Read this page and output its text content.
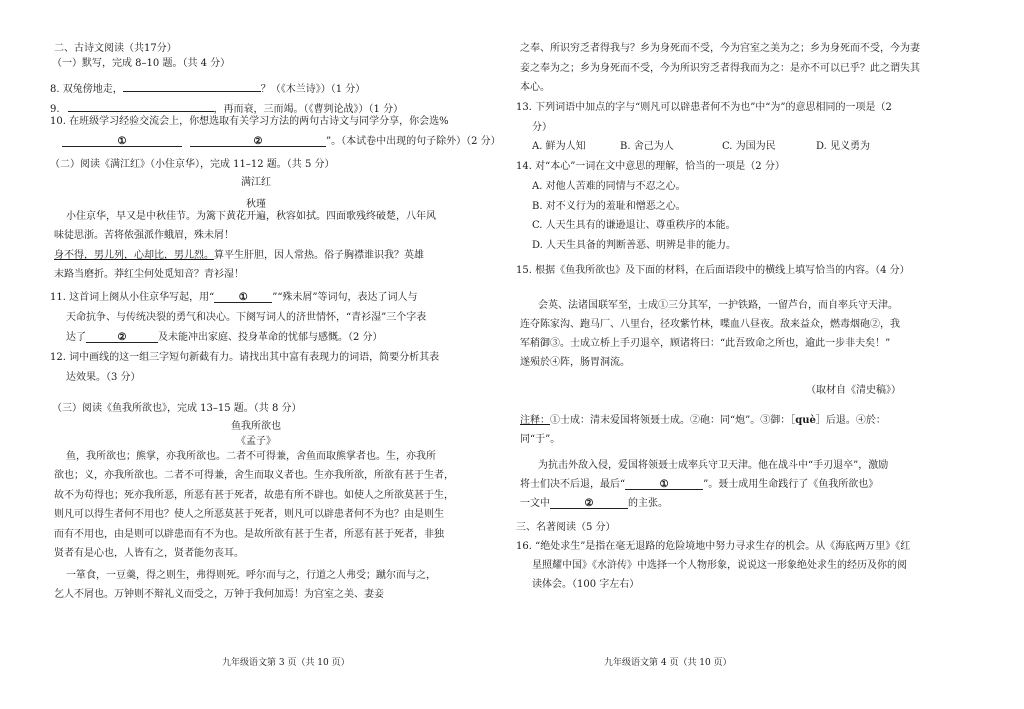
二、古诗文阅读（共17分）
（一）默写，完成 8–10 题。（共 4 分）
8. 双兔傍地走，	？（《木兰诗》）（1 分）
9.	，再而衰，三而竭。（《曹刿论战》）（1 分）
10. 在班级学习经验交流会上，你想选取有关学习方法的两句古诗文与同学分享，你会选%
①	②	”。（本试卷中出现的句子除外）（2 分）
（二）阅读《满江红》（小住京华），完成 11–12 题。（共 5 分）
满江红
秋瑾
小住京华，早又是中秋佳节。为篱下黄花开遍，秋容如拭。四面歌残终破楚，八年风
味徒思浙。苦将侬强派作蛾眉，殊未屑！
身不得，男儿列，心却比，男儿烈。算平生肝胆，因人常热。俗子胸襟谁识我？英雄
末路当磨折。莽红尘何处觅知音？青衫湿！
11. 这首词上阕从小住京华写起，用“ ① ”“殊未屑”等词句，表达了词人与
天命抗争、与传统决裂的勇气和决心。下阕写词人的济世情怀，“青衫湿”三个字表
达了	②	及未能冲出家庭、投身革命的忧郁与感慨。（2 分）
12. 词中画线的这一组三字短句新截有力。请找出其中富有表现力的词语，简要分析其表
达效果。（3 分）
（三）阅读《鱼我所欲也》，完成 13–15 题。（共 8 分）
鱼我所欲也
《孟子》
鱼，我所欲也；熊掌，亦我所欲也。二者不可得兼，舍鱼而取熊掌者也。生，亦我所
欲也；义，亦我所欲也。二者不可得兼，舍生而取义者也。生亦我所欲，所欲有甚于生者，
故不为苟得也；死亦我所恶，所恶有甚于死者，故患有所不辟也。如使人之所欲莫甚于生，
则凡可以得生者何不用也？使人之所恶莫甚于死者，则凡可以辟患者何不为也？由是则生
而有不用也，由是则可以辟患而有不为也。是故所欲有甚于生者，所恶有甚于死者，非独
贤者有是心也，人皆有之，贤者能勿丧耳。
一箪食，一豆羹，得之则生，弗得则死。呼尔而与之，行道之人弗受；蹴尔而与之，
乞人不屑也。万钟则不辩礼义而受之，万钟于我何加焉！为宫室之美、妻妾
九年级语文第 3 页（共 10 页）
之奉、所识穷乏者得我与？乡为身死而不受，今为宫室之美为之；乡为身死而不受，今为妻
妾之奉为之；乡为身死而不受，今为所识穷乏者得我而为之：是亦不可以已乎？此之谓失其
本心。
13. 下列词语中加点的字与“则凡可以辟患者何不为也”中“为”的意思相同的一项是（2
分）
A. 鲜为人知	B. 舍己为人	C. 为国为民	D. 见义勇为
14. 对“本心”一词在文中意思的理解，恰当的一项是（2 分）
A. 对他人苦难的同情与不忍之心。
B. 对不义行为的羞耻和憎恶之心。
C. 人天生具有的谦逊退让、尊重秩序的本能。
D. 人天生具备的判断善恶、明辨是非的能力。
15. 根据《鱼我所欲也》及下面的材料，在后面语段中的横线上填写恰当的内容。（4 分）
会英、法诸国联军至，士成①三分其军，一护铁路，一留芦台，而自率兵守天津。
连夺陈家沟、跑马厂、八里台，径攻紫竹林，喋血八昼夜。敌来益众，燃毒烟砲②，我
军稍御③。士成立桥上手刃退卒，顾诸将曰：“此吾致命之所也，逾此一步非夫矣！”
遂殒於④阵，肠胃洞流。
（取材自《清史稿》）
注释：①士成：清末爱国将领聂士成。②砲：同“炮”。③御：［què］后退。④於：
同“于”。
为抗击外敌入侵，爱国将领聂士成率兵守卫天津。他在战斗中“手刃退卒”，激励
将士们决不后退，最后“	①	”。聂士成用生命践行了《鱼我所欲也》
一文中	②	的主张。
三、名著阅读（5 分）
16. “绝处求生”是指在毫无退路的危险境地中努力寻求生存的机会。从《海底两万里》《红
星照耀中国》《水浒传》中选择一个人物形象，说说这一形象绝处求生的经历及你的阅
读体会。（100 字左右）
九年级语文第 4 页（共 10 页）
